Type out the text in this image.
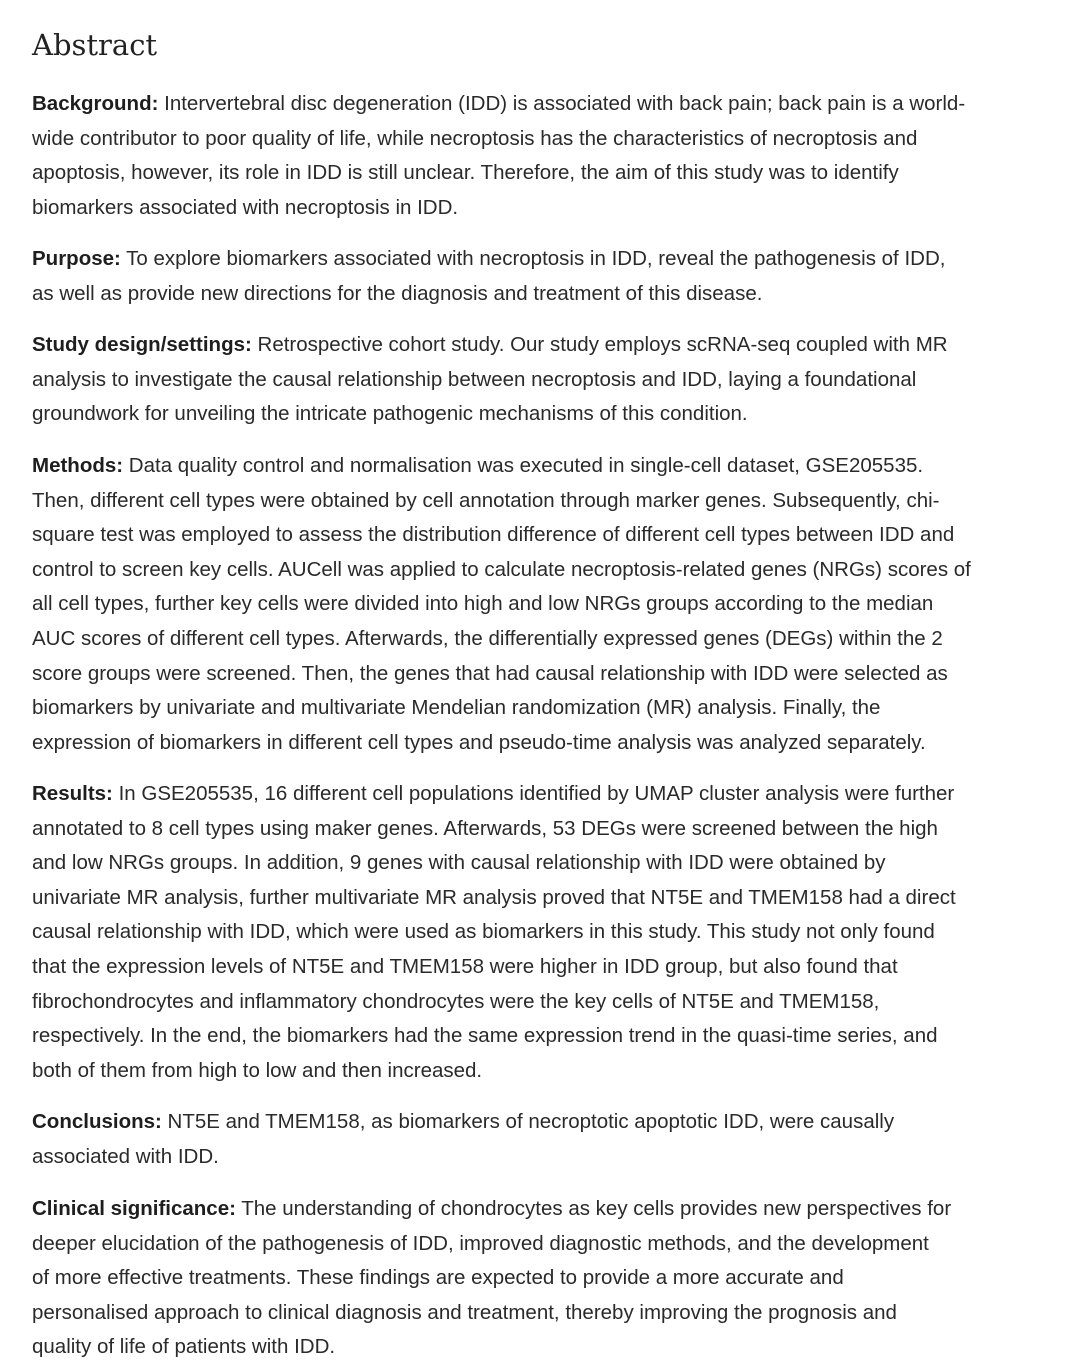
Abstract
Background: Intervertebral disc degeneration (IDD) is associated with back pain; back pain is a world-
wide contributor to poor quality of life, while necroptosis has the characteristics of necroptosis and
apoptosis, however, its role in IDD is still unclear. Therefore, the aim of this study was to identify
biomarkers associated with necroptosis in IDD.
Purpose: To explore biomarkers associated with necroptosis in IDD, reveal the pathogenesis of IDD,
as well as provide new directions for the diagnosis and treatment of this disease.
Study design/settings: Retrospective cohort study. Our study employs scRNA-seq coupled with MR
analysis to investigate the causal relationship between necroptosis and IDD, laying a foundational
groundwork for unveiling the intricate pathogenic mechanisms of this condition.
Methods: Data quality control and normalisation was executed in single-cell dataset, GSE205535.
Then, different cell types were obtained by cell annotation through marker genes. Subsequently, chi-
square test was employed to assess the distribution difference of different cell types between IDD and
control to screen key cells. AUCell was applied to calculate necroptosis-related genes (NRGs) scores of
all cell types, further key cells were divided into high and low NRGs groups according to the median
AUC scores of different cell types. Afterwards, the differentially expressed genes (DEGs) within the 2
score groups were screened. Then, the genes that had causal relationship with IDD were selected as
biomarkers by univariate and multivariate Mendelian randomization (MR) analysis. Finally, the
expression of biomarkers in different cell types and pseudo-time analysis was analyzed separately.
Results: In GSE205535, 16 different cell populations identified by UMAP cluster analysis were further
annotated to 8 cell types using maker genes. Afterwards, 53 DEGs were screened between the high
and low NRGs groups. In addition, 9 genes with causal relationship with IDD were obtained by
univariate MR analysis, further multivariate MR analysis proved that NT5E and TMEM158 had a direct
causal relationship with IDD, which were used as biomarkers in this study. This study not only found
that the expression levels of NT5E and TMEM158 were higher in IDD group, but also found that
fibrochondrocytes and inflammatory chondrocytes were the key cells of NT5E and TMEM158,
respectively. In the end, the biomarkers had the same expression trend in the quasi-time series, and
both of them from high to low and then increased.
Conclusions: NT5E and TMEM158, as biomarkers of necroptotic apoptotic IDD, were causally
associated with IDD.
Clinical significance: The understanding of chondrocytes as key cells provides new perspectives for
deeper elucidation of the pathogenesis of IDD, improved diagnostic methods, and the development
of more effective treatments. These findings are expected to provide a more accurate and
personalised approach to clinical diagnosis and treatment, thereby improving the prognosis and
quality of life of patients with IDD.
